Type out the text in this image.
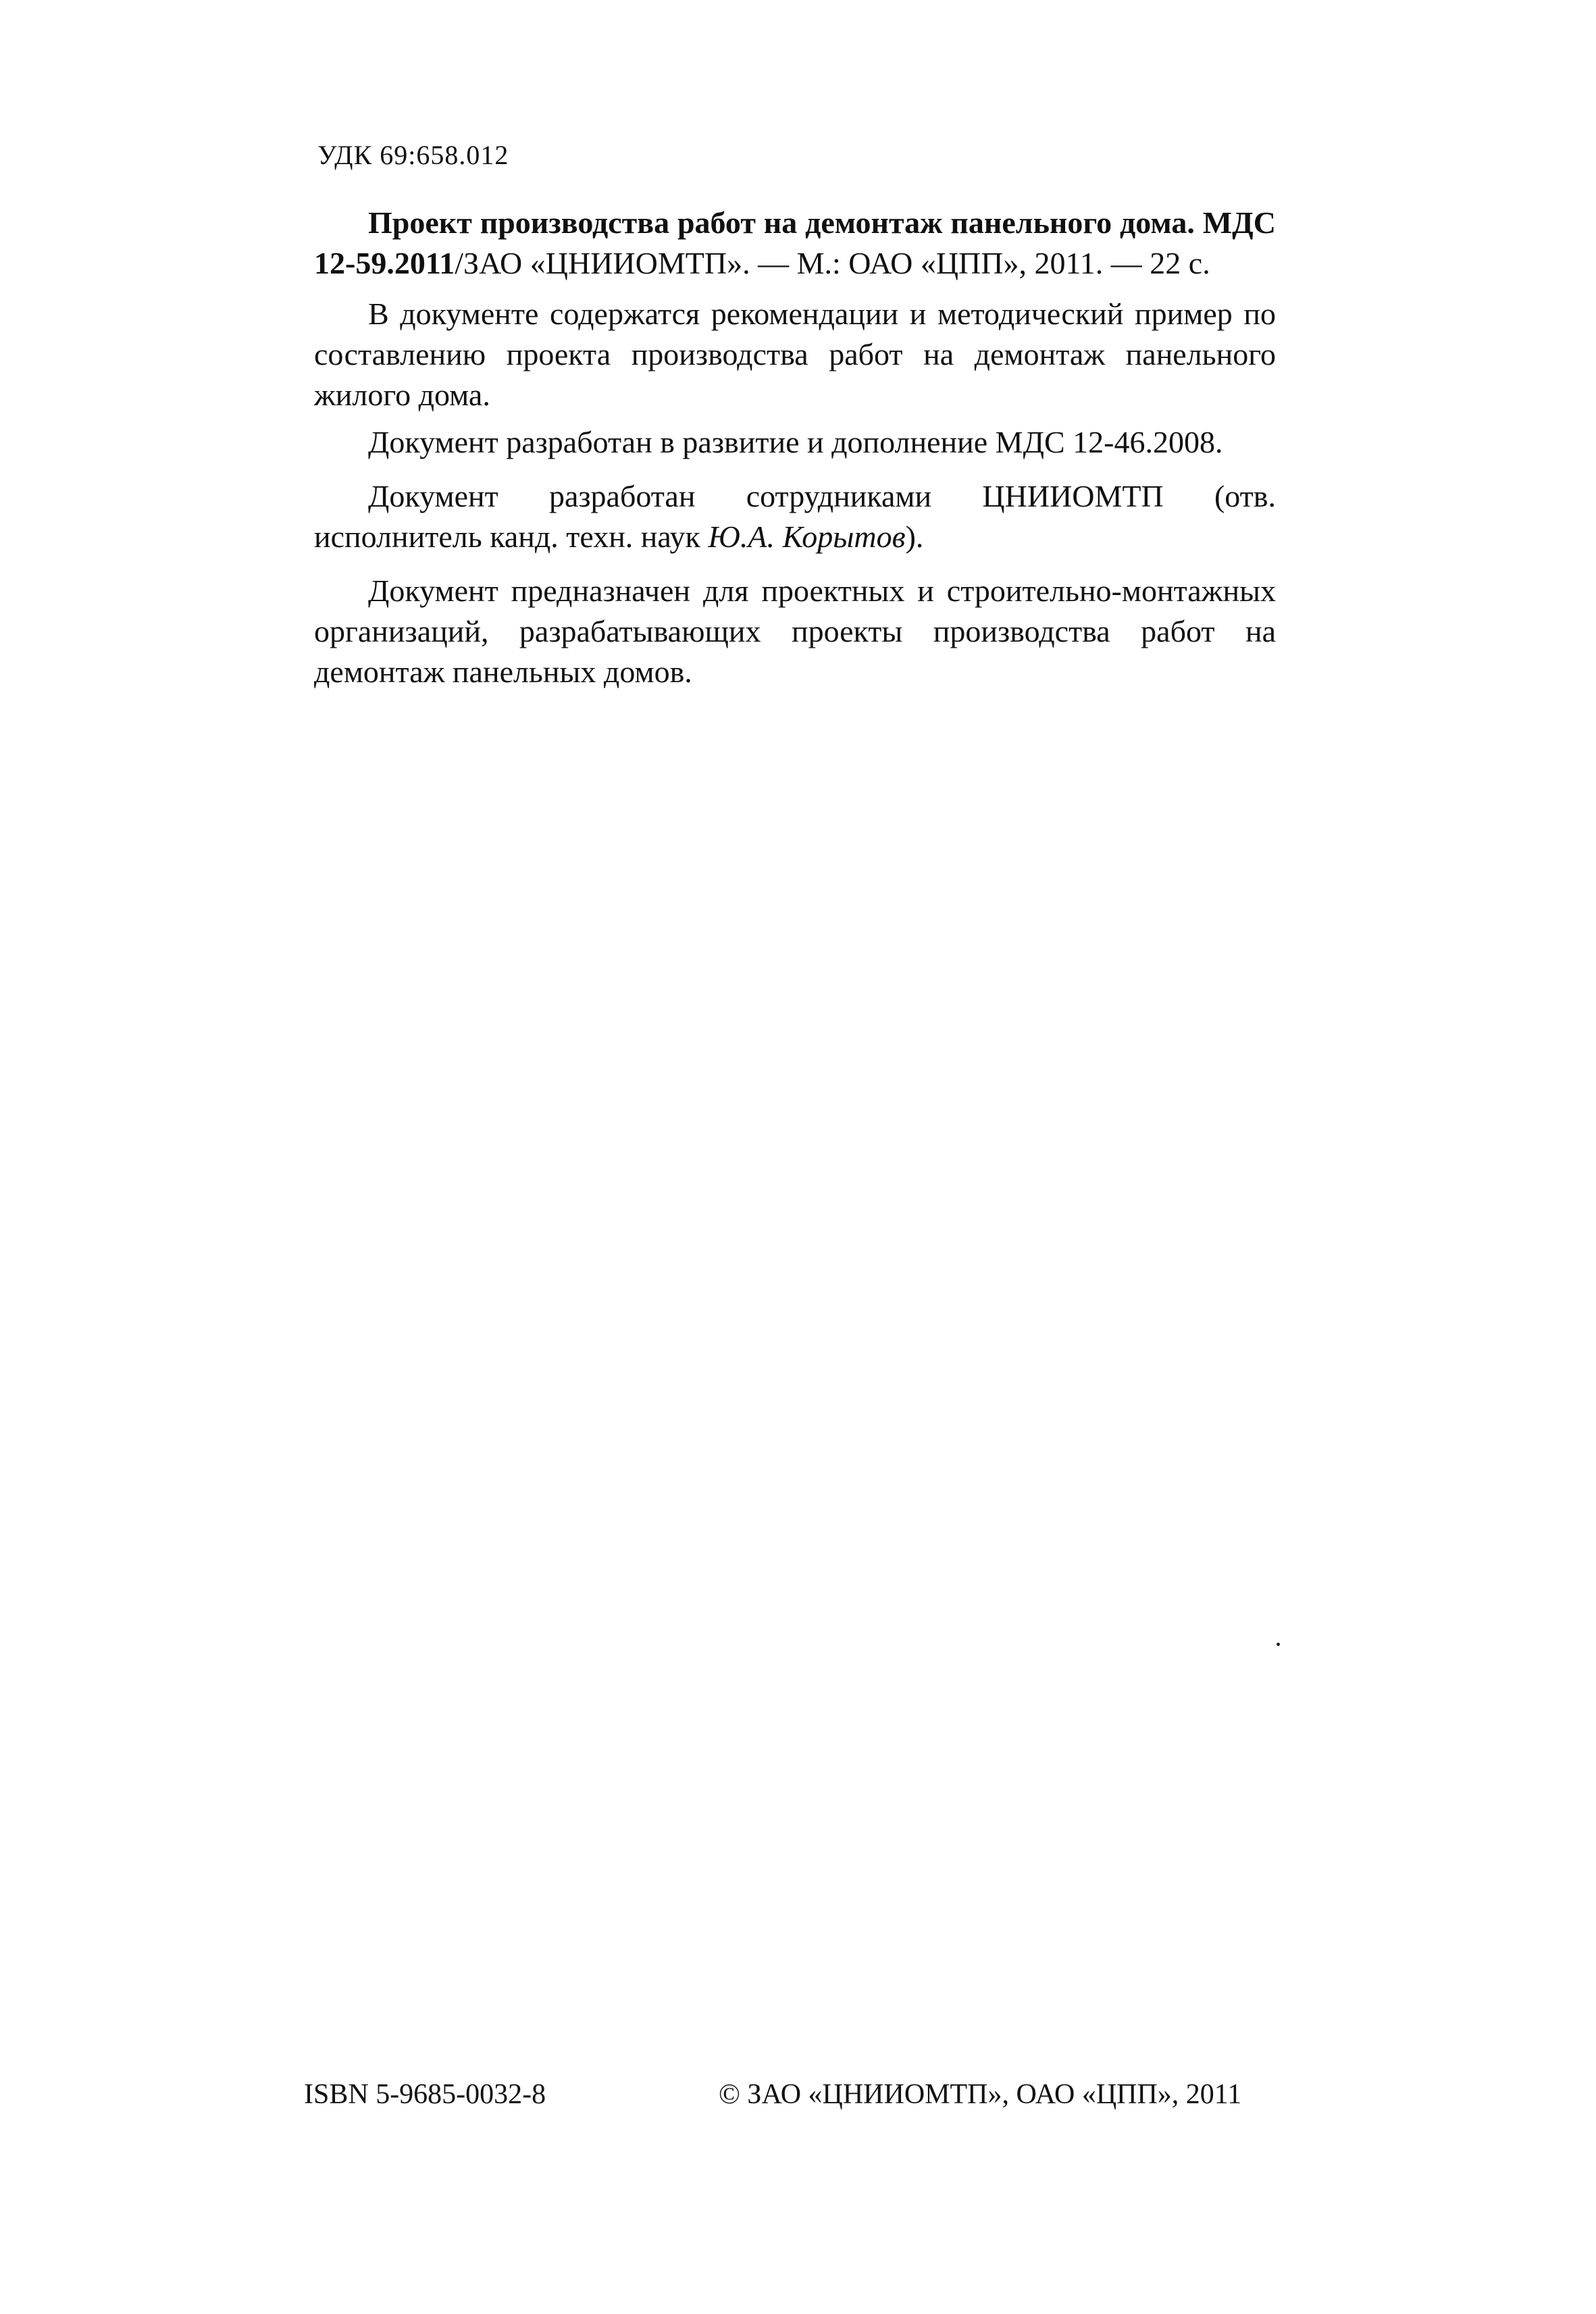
УДК 69:658.012

Проект производства работ на демонтаж панельного дома. МДС 12-59.2011/ЗАО «ЦНИИОМТП». — М.: ОАО «ЦПП», 2011. — 22 с.

В документе содержатся рекомендации и методический пример по составлению проекта производства работ на демонтаж панельного жилого дома.

Документ разработан в развитие и дополнение МДС 12-46.2008.

Документ разработан сотрудниками ЦНИИОМТП (отв. исполнитель канд. техн. наук Ю.А. Корытов).

Документ предназначен для проектных и строительно-монтажных организаций, разрабатывающих проекты производства работ на демонтаж панельных домов.

ISBN 5-9685-0032-8	© ЗАО «ЦНИИОМТП», ОАО «ЦПП», 2011
